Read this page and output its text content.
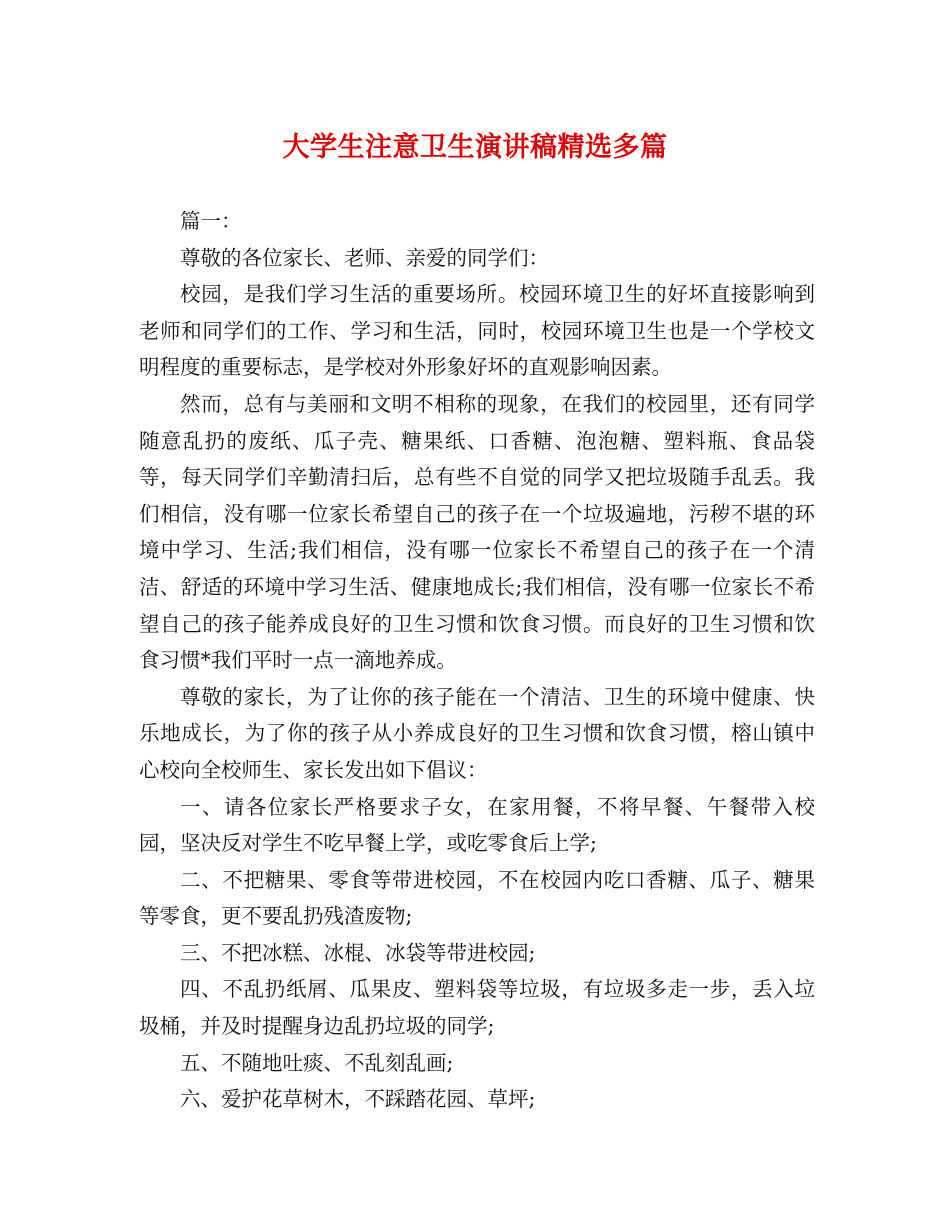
大学生注意卫生演讲稿精选多篇

篇一：

尊敬的各位家长、老师、亲爱的同学们：

校园，是我们学习生活的重要场所。校园环境卫生的好坏直接影响到老师和同学们的工作、学习和生活，同时，校园环境卫生也是一个学校文明程度的重要标志，是学校对外形象好坏的直观影响因素。

然而，总有与美丽和文明不相称的现象，在我们的校园里，还有同学随意乱扔的废纸、瓜子壳、糖果纸、口香糖、泡泡糖、塑料瓶、食品袋等，每天同学们辛勤清扫后，总有些不自觉的同学又把垃圾随手乱丢。我们相信，没有哪一位家长希望自己的孩子在一个垃圾遍地，污秽不堪的环境中学习、生活;我们相信，没有哪一位家长不希望自己的孩子在一个清洁、舒适的环境中学习生活、健康地成长;我们相信，没有哪一位家长不希望自己的孩子能养成良好的卫生习惯和饮食习惯。而良好的卫生习惯和饮食习惯*我们平时一点一滴地养成。

尊敬的家长，为了让你的孩子能在一个清洁、卫生的环境中健康、快乐地成长，为了你的孩子从小养成良好的卫生习惯和饮食习惯，榕山镇中心校向全校师生、家长发出如下倡议：

一、请各位家长严格要求子女，在家用餐，不将早餐、午餐带入校园，坚决反对学生不吃早餐上学，或吃零食后上学;

二、不把糖果、零食等带进校园，不在校园内吃口香糖、瓜子、糖果等零食，更不要乱扔残渣废物;

三、不把冰糕、冰棍、冰袋等带进校园;

四、不乱扔纸屑、瓜果皮、塑料袋等垃圾，有垃圾多走一步，丢入垃圾桶，并及时提醒身边乱扔垃圾的同学;

五、不随地吐痰、不乱刻乱画;

六、爱护花草树木，不踩踏花园、草坪;
